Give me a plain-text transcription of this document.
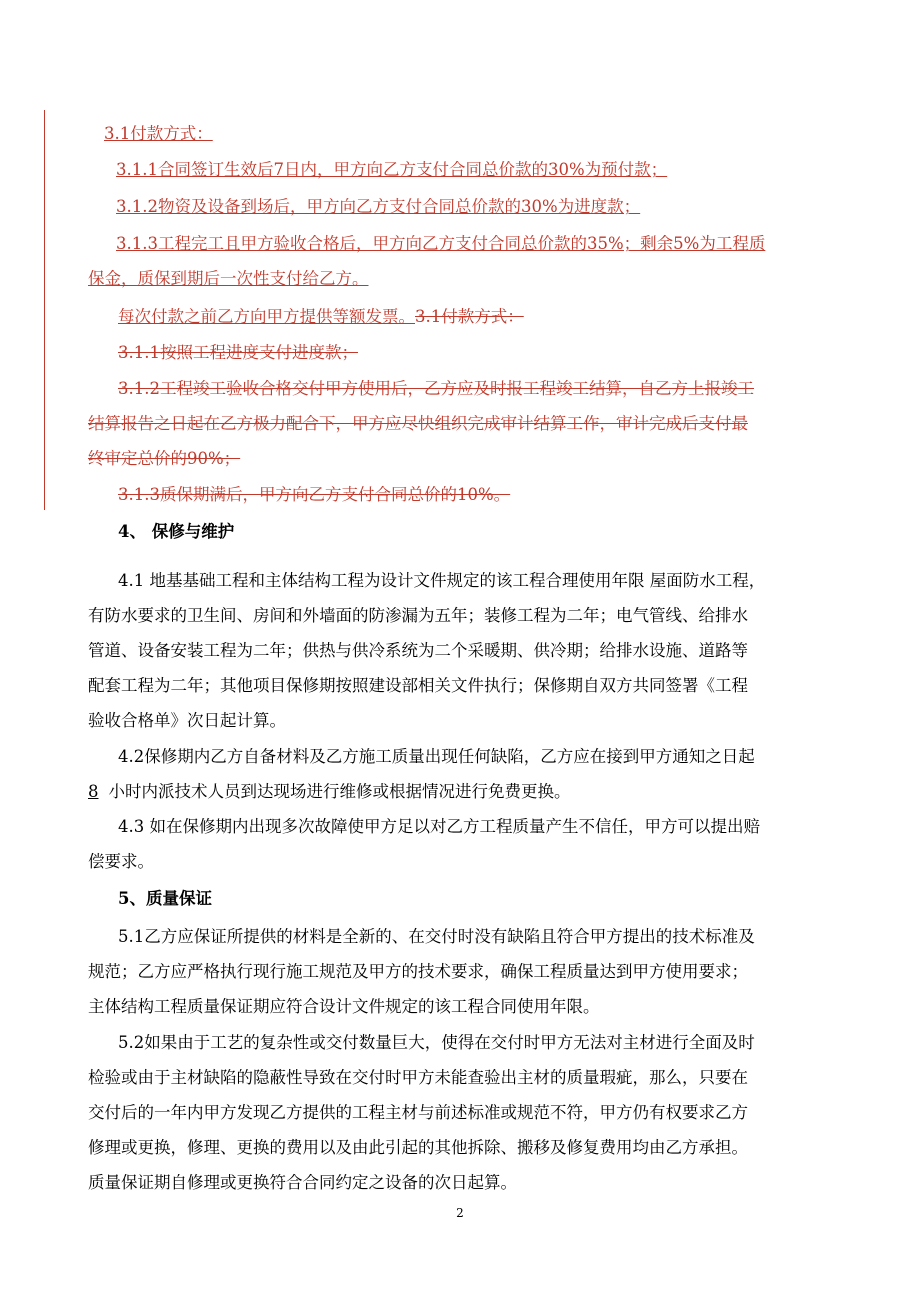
3.1付款方式：

3.1.1合同签订生效后7日内，甲方向乙方支付合同总价款的30%为预付款；

3.1.2物资及设备到场后，甲方向乙方支付合同总价款的30%为进度款；

3.1.3工程完工且甲方验收合格后，甲方向乙方支付合同总价款的35%；剩余5%为工程质

保金，质保到期后一次性支付给乙方。

每次付款之前乙方向甲方提供等额发票。3.1付款方式：

3.1.1按照工程进度支付进度款；

3.1.2工程竣工验收合格交付甲方使用后，乙方应及时报工程竣工结算，自乙方上报竣工

结算报告之日起在乙方极力配合下，甲方应尽快组织完成审计结算工作，审计完成后支付最

终审定总价的90%；

3.1.3质保期满后，甲方向乙方支付合同总价的10%。

4、 保修与维护

4.1 地基基础工程和主体结构工程为设计文件规定的该工程合理使用年限 屋面防水工程，

有防水要求的卫生间、房间和外墙面的防渗漏为五年；装修工程为二年；电气管线、给排水

管道、设备安装工程为二年；供热与供冷系统为二个采暖期、供冷期；给排水设施、道路等

配套工程为二年；其他项目保修期按照建设部相关文件执行；保修期自双方共同签署《工程

验收合格单》次日起计算。

4.2保修期内乙方自备材料及乙方施工质量出现任何缺陷，乙方应在接到甲方通知之日起

8 小时内派技术人员到达现场进行维修或根据情况进行免费更换。

4.3 如在保修期内出现多次故障使甲方足以对乙方工程质量产生不信任，甲方可以提出赔

偿要求。

5、质量保证

5.1乙方应保证所提供的材料是全新的、在交付时没有缺陷且符合甲方提出的技术标准及

规范；乙方应严格执行现行施工规范及甲方的技术要求，确保工程质量达到甲方使用要求；

主体结构工程质量保证期应符合设计文件规定的该工程合同使用年限。

5.2如果由于工艺的复杂性或交付数量巨大，使得在交付时甲方无法对主材进行全面及时

检验或由于主材缺陷的隐蔽性导致在交付时甲方未能查验出主材的质量瑕疵，那么，只要在

交付后的一年内甲方发现乙方提供的工程主材与前述标准或规范不符，甲方仍有权要求乙方

修理或更换，修理、更换的费用以及由此引起的其他拆除、搬移及修复费用均由乙方承担。

质量保证期自修理或更换符合合同约定之设备的次日起算。

2
